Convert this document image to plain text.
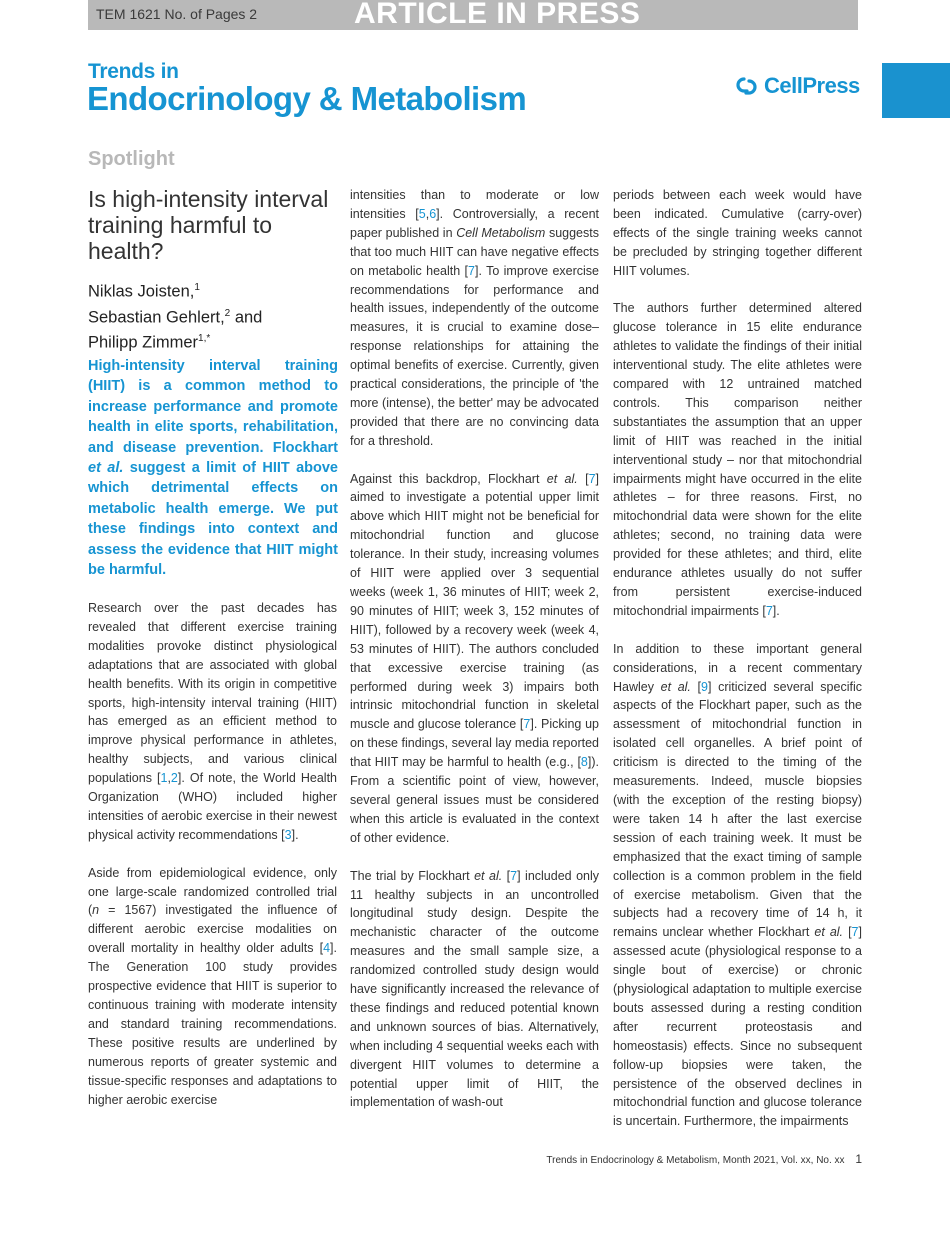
TEM 1621 No. of Pages 2	ARTICLE IN PRESS
Trends in
Endocrinology & Metabolism	CellPress
Spotlight
Is high-intensity interval training harmful to health?
Niklas Joisten,$^1$
Sebastian Gehlert,$^2$ and
Philipp Zimmer$^{1,*}$
High-intensity interval training (HIIT) is a common method to increase performance and promote health in elite sports, rehabilitation, and disease prevention. Flockhart et al. suggest a limit of HIIT above which detrimental effects on metabolic health emerge. We put these findings into context and assess the evidence that HIIT might be harmful.

Research over the past decades has revealed that different exercise training modalities provoke distinct physiological adaptations that are associated with global health benefits. With its origin in competitive sports, high-intensity interval training (HIIT) has emerged as an efficient method to improve physical performance in athletes, healthy subjects, and various clinical populations [1,2]. Of note, the World Health Organization (WHO) included higher intensities of aerobic exercise in their newest physical activity recommendations [3].

Aside from epidemiological evidence, only one large-scale randomized controlled trial (n = 1567) investigated the influence of different aerobic exercise modalities on overall mortality in healthy older adults [4]. The Generation 100 study provides prospective evidence that HIIT is superior to continuous training with moderate intensity and standard training recommendations. These positive results are underlined by numerous reports of greater systemic and tissue-specific responses and adaptations to higher aerobic exercise

intensities than to moderate or low intensities [5,6]. Controversially, a recent paper published in Cell Metabolism suggests that too much HIIT can have negative effects on metabolic health [7]. To improve exercise recommendations for performance and health issues, independently of the outcome measures, it is crucial to examine dose–response relationships for attaining the optimal benefits of exercise. Currently, given practical considerations, the principle of 'the more (intense), the better' may be advocated provided that there are no convincing data for a threshold.

Against this backdrop, Flockhart et al. [7] aimed to investigate a potential upper limit above which HIIT might not be beneficial for mitochondrial function and glucose tolerance. In their study, increasing volumes of HIIT were applied over 3 sequential weeks (week 1, 36 minutes of HIIT; week 2, 90 minutes of HIIT; week 3, 152 minutes of HIIT), followed by a recovery week (week 4, 53 minutes of HIIT). The authors concluded that excessive exercise training (as performed during week 3) impairs both intrinsic mitochondrial function in skeletal muscle and glucose tolerance [7]. Picking up on these findings, several lay media reported that HIIT may be harmful to health (e.g., [8]). From a scientific point of view, however, several general issues must be considered when this article is evaluated in the context of other evidence.

The trial by Flockhart et al. [7] included only 11 healthy subjects in an uncontrolled longitudinal study design. Despite the mechanistic character of the outcome measures and the small sample size, a randomized controlled study design would have significantly increased the relevance of these findings and reduced potential known and unknown sources of bias. Alternatively, when including 4 sequential weeks each with divergent HIIT volumes to determine a potential upper limit of HIIT, the implementation of wash-out

periods between each week would have been indicated. Cumulative (carry-over) effects of the single training weeks cannot be precluded by stringing together different HIIT volumes.

The authors further determined altered glucose tolerance in 15 elite endurance athletes to validate the findings of their initial interventional study. The elite athletes were compared with 12 untrained matched controls. This comparison neither substantiates the assumption that an upper limit of HIIT was reached in the initial interventional study – nor that mitochondrial impairments might have occurred in the elite athletes – for three reasons. First, no mitochondrial data were shown for the elite athletes; second, no training data were provided for these athletes; and third, elite endurance athletes usually do not suffer from persistent exercise-induced mitochondrial impairments [7].

In addition to these important general considerations, in a recent commentary Hawley et al. [9] criticized several specific aspects of the Flockhart paper, such as the assessment of mitochondrial function in isolated cell organelles. A brief point of criticism is directed to the timing of the measurements. Indeed, muscle biopsies (with the exception of the resting biopsy) were taken 14 h after the last exercise session of each training week. It must be emphasized that the exact timing of sample collection is a common problem in the field of exercise metabolism. Given that the subjects had a recovery time of 14 h, it remains unclear whether Flockhart et al. [7] assessed acute (physiological response to a single bout of exercise) or chronic (physiological adaptation to multiple exercise bouts assessed during a resting condition after recurrent proteostasis and homeostasis) effects. Since no subsequent follow-up biopsies were taken, the persistence of the observed declines in mitochondrial function and glucose tolerance is uncertain. Furthermore, the impairments

Trends in Endocrinology & Metabolism, Month 2021, Vol. xx, No. xx 1
